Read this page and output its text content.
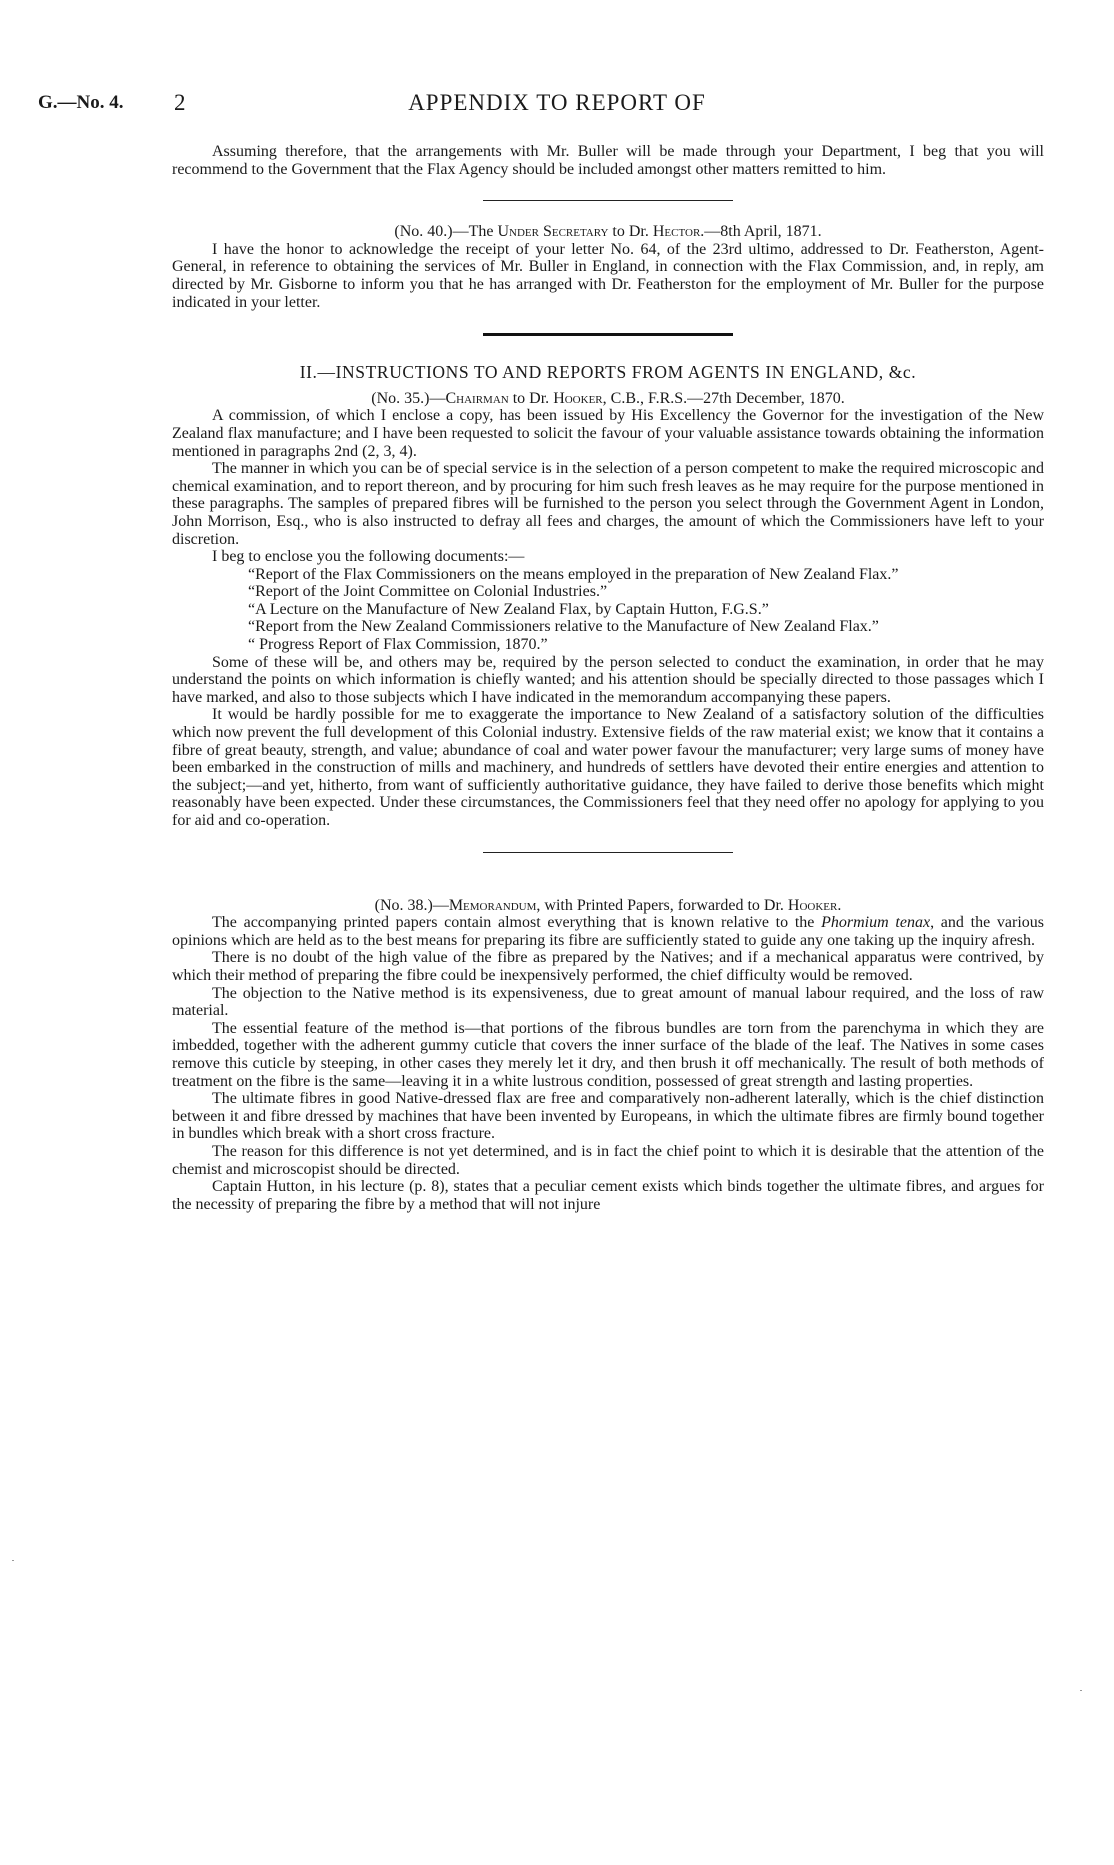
G.—No. 4. 2	APPENDIX TO REPORT OF

Assuming therefore, that the arrangements with Mr. Buller will be made through your Department, I beg that you will recommend to the Government that the Flax Agency should be included amongst other matters remitted to him.

(No. 40.)—The Under Secretary to Dr. Hector.—8th April, 1871.

I have the honor to acknowledge the receipt of your letter No. 64, of the 23rd ultimo, addressed to Dr. Featherston, Agent-General, in reference to obtaining the services of Mr. Buller in England, in connection with the Flax Commission, and, in reply, am directed by Mr. Gisborne to inform you that he has arranged with Dr. Featherston for the employment of Mr. Buller for the purpose indicated in your letter.

II.—INSTRUCTIONS TO AND REPORTS FROM AGENTS IN ENGLAND, &c.

(No. 35.)—Chairman to Dr. Hooker, C.B., F.R.S.—27th December, 1870.

A commission, of which I enclose a copy, has been issued by His Excellency the Governor for the investigation of the New Zealand flax manufacture; and I have been requested to solicit the favour of your valuable assistance towards obtaining the information mentioned in paragraphs 2nd (2, 3, 4).

The manner in which you can be of special service is in the selection of a person competent to make the required microscopic and chemical examination, and to report thereon, and by procuring for him such fresh leaves as he may require for the purpose mentioned in these paragraphs. The samples of prepared fibres will be furnished to the person you select through the Government Agent in London, John Morrison, Esq., who is also instructed to defray all fees and charges, the amount of which the Commissioners have left to your discretion.

I beg to enclose you the following documents:—

“Report of the Flax Commissioners on the means employed in the preparation of New Zealand Flax.”

“Report of the Joint Committee on Colonial Industries.”

“A Lecture on the Manufacture of New Zealand Flax, by Captain Hutton, F.G.S.”

“Report from the New Zealand Commissioners relative to the Manufacture of New Zealand Flax.”

“ Progress Report of Flax Commission, 1870.”

Some of these will be, and others may be, required by the person selected to conduct the examination, in order that he may understand the points on which information is chiefly wanted; and his attention should be specially directed to those passages which I have marked, and also to those subjects which I have indicated in the memorandum accompanying these papers.

It would be hardly possible for me to exaggerate the importance to New Zealand of a satisfactory solution of the difficulties which now prevent the full development of this Colonial industry. Extensive fields of the raw material exist; we know that it contains a fibre of great beauty, strength, and value; abundance of coal and water power favour the manufacturer; very large sums of money have been embarked in the construction of mills and machinery, and hundreds of settlers have devoted their entire energies and attention to the subject;—and yet, hitherto, from want of sufficiently authoritative guidance, they have failed to derive those benefits which might reasonably have been expected. Under these circumstances, the Commissioners feel that they need offer no apology for applying to you for aid and co-operation.

(No. 38.)—Memorandum, with Printed Papers, forwarded to Dr. Hooker.

The accompanying printed papers contain almost everything that is known relative to the Phormium tenax, and the various opinions which are held as to the best means for preparing its fibre are sufficiently stated to guide any one taking up the inquiry afresh.

There is no doubt of the high value of the fibre as prepared by the Natives; and if a mechanical apparatus were contrived, by which their method of preparing the fibre could be inexpensively performed, the chief difficulty would be removed.

The objection to the Native method is its expensiveness, due to great amount of manual labour required, and the loss of raw material.

The essential feature of the method is—that portions of the fibrous bundles are torn from the parenchyma in which they are imbedded, together with the adherent gummy cuticle that covers the inner surface of the blade of the leaf. The Natives in some cases remove this cuticle by steeping, in other cases they merely let it dry, and then brush it off mechanically. The result of both methods of treatment on the fibre is the same—leaving it in a white lustrous condition, possessed of great strength and lasting properties.

The ultimate fibres in good Native-dressed flax are free and comparatively non-adherent laterally, which is the chief distinction between it and fibre dressed by machines that have been invented by Europeans, in which the ultimate fibres are firmly bound together in bundles which break with a short cross fracture.

The reason for this difference is not yet determined, and is in fact the chief point to which it is desirable that the attention of the chemist and microscopist should be directed.

Captain Hutton, in his lecture (p. 8), states that a peculiar cement exists which binds together the ultimate fibres, and argues for the necessity of preparing the fibre by a method that will not injure
